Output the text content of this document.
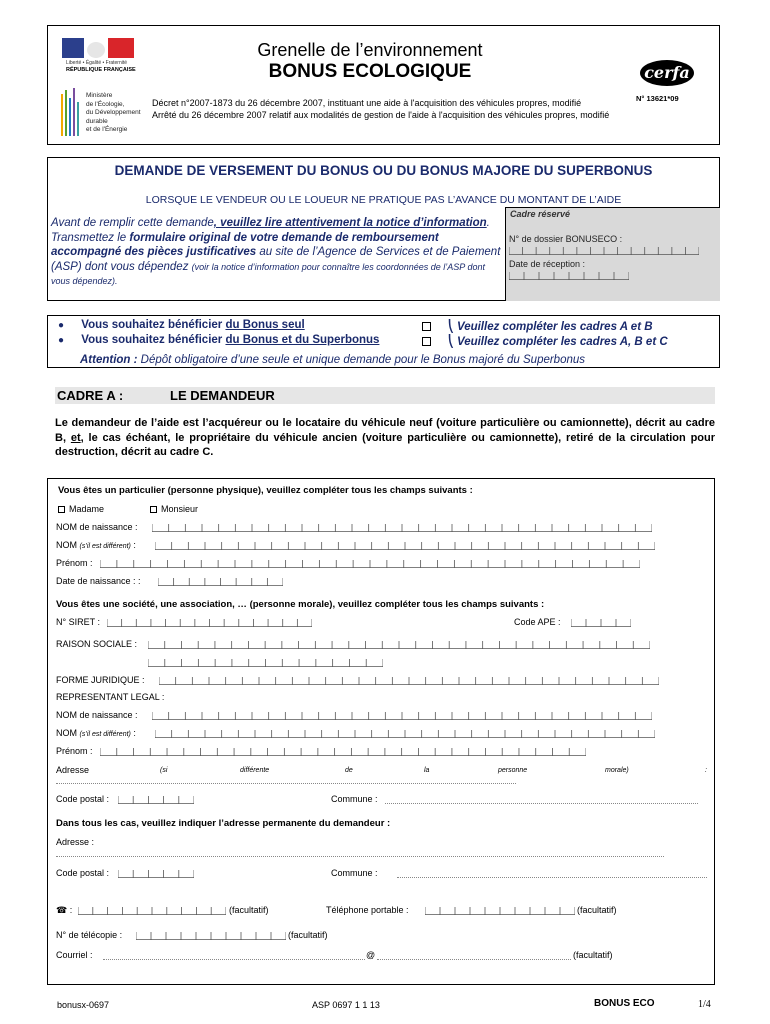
Liberté • Égalité • Fraternité
RÉPUBLIQUE FRANÇAISE
Ministère
de l'Écologie,
du Développement
durable
et de l'Énergie
Grenelle de l’environnement
BONUS ECOLOGIQUE	cerfa
N° 13621*09
Décret n°2007-1873 du 26 décembre 2007, instituant une aide à l'acquisition des véhicules propres, modifié
Arrêté du 26 décembre 2007 relatif aux modalités de gestion de l'aide à l'acquisition des véhicules propres, modifié
DEMANDE DE VERSEMENT DU BONUS OU DU BONUS MAJORE DU SUPERBONUS
LORSQUE LE VENDEUR OU LE LOUEUR NE PRATIQUE PAS L’AVANCE DU MONTANT DE L’AIDE
Cadre réservé
N° de dossier BONUSECO :
Date de réception :
Avant de remplir cette demande, veuillez lire attentivement la notice d’information.
Transmettez le formulaire original de votre demande de remboursement accompagné des pièces justificatives au site de l’Agence de Services et de Paiement (ASP) dont vous dépendez (voir la notice d’information pour connaître les coordonnées de l’ASP dont vous dépendez).
● Vous souhaitez bénéficier du Bonus seul	⎝ Veuillez compléter les cadres A et B
● Vous souhaitez bénéficier du Bonus et du Superbonus	⎝ Veuillez compléter les cadres A, B et C
Attention : Dépôt obligatoire d’une seule et unique demande pour le Bonus majoré du Superbonus
CADRE A :	LE DEMANDEUR
Le demandeur de l’aide est l’acquéreur ou le locataire du véhicule neuf (voiture particulière ou camionnette), décrit au cadre B, et, le cas échéant, le propriétaire du véhicule ancien (voiture particulière ou camionnette), retiré de la circulation pour destruction, décrit au cadre C.
Vous êtes un particulier (personne physique), veuillez compléter tous les champs suivants :
Madame	Monsieur
NOM de naissance :
NOM (s’il est différent) :
Prénom :
Date de naissance : :
Vous êtes une société, une association, … (personne morale), veuillez compléter tous les champs suivants :
N° SIRET :	Code APE :
RAISON SOCIALE :
FORME JURIDIQUE :
REPRESENTANT LEGAL :
NOM de naissance :
NOM (s’il est différent) :
Prénom :
Adresse	(si	différente	de	la	personne	morale)	:
Code postal :	Commune :
Dans tous les cas, veuillez indiquer l’adresse permanente du demandeur :
Adresse :
Code postal :	Commune :
☎ :	(facultatif)	Téléphone portable :	(facultatif)
N° de télécopie :	(facultatif)
Courriel :	@	(facultatif)
bonusx-0697	ASP 0697 1 1 13	BONUS ECO	1/4
